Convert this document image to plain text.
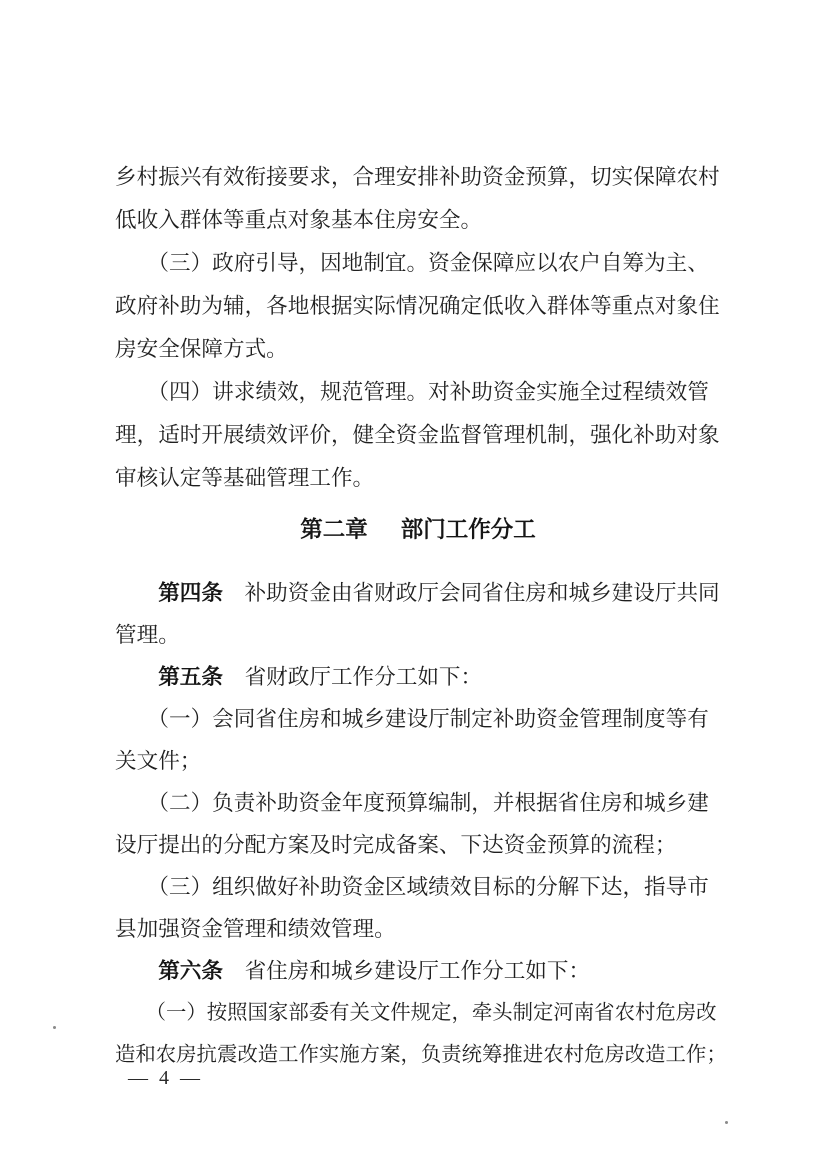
乡村振兴有效衔接要求，合理安排补助资金预算，切实保障农村
低收入群体等重点对象基本住房安全。
　　（三）政府引导，因地制宜。资金保障应以农户自筹为主、
政府补助为辅，各地根据实际情况确定低收入群体等重点对象住
房安全保障方式。
　　（四）讲求绩效，规范管理。对补助资金实施全过程绩效管
理，适时开展绩效评价，健全资金监督管理机制，强化补助对象
审核认定等基础管理工作。
第二章 部门工作分工
　　第四条　补助资金由省财政厅会同省住房和城乡建设厅共同
管理。
　　第五条　省财政厅工作分工如下：
　　（一）会同省住房和城乡建设厅制定补助资金管理制度等有
关文件；
　　（二）负责补助资金年度预算编制，并根据省住房和城乡建
设厅提出的分配方案及时完成备案、下达资金预算的流程；
　　（三）组织做好补助资金区域绩效目标的分解下达，指导市
县加强资金管理和绩效管理。
　　第六条　省住房和城乡建设厅工作分工如下：
　　（一）按照国家部委有关文件规定，牵头制定河南省农村危房改
造和农房抗震改造工作实施方案，负责统筹推进农村危房改造工作；
— 4 —
